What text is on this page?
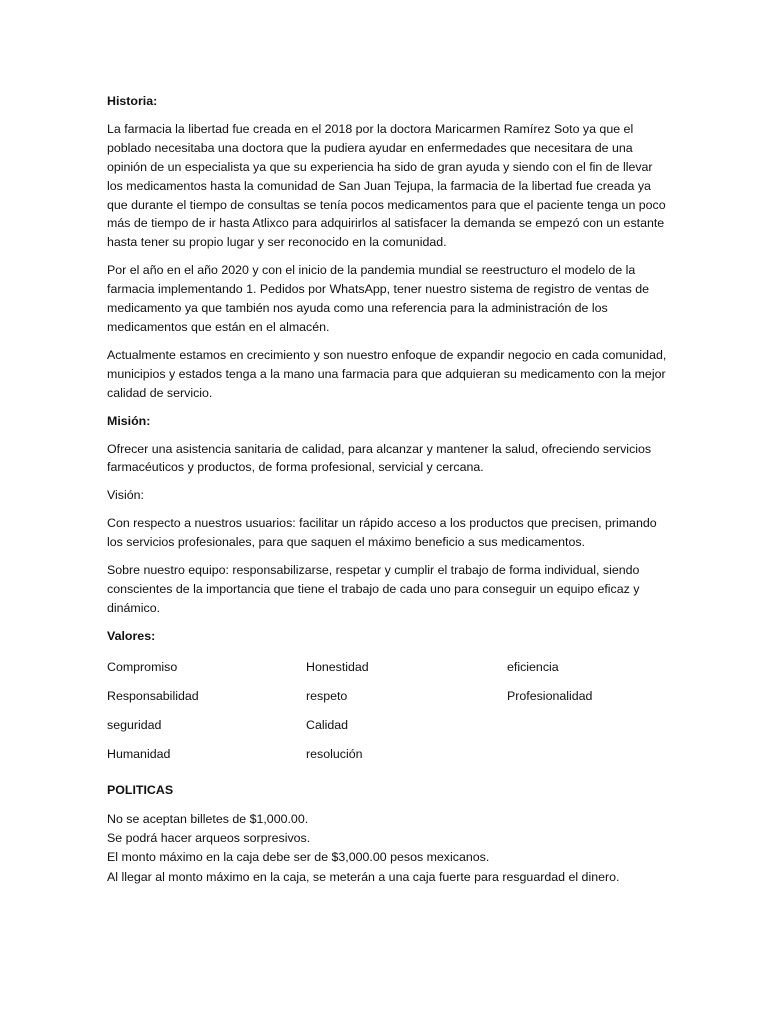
Historia:

La farmacia la libertad fue creada en el 2018 por la doctora Maricarmen Ramírez Soto ya que el poblado necesitaba una doctora que la pudiera ayudar en enfermedades que necesitara de una opinión de un especialista ya que su experiencia ha sido de gran ayuda y siendo con el fin de llevar los medicamentos hasta la comunidad de San Juan Tejupa, la farmacia de la libertad fue creada ya que durante el tiempo de consultas se tenía pocos medicamentos para que el paciente tenga un poco más de tiempo de ir hasta Atlixco para adquirirlos al satisfacer la demanda se empezó con un estante hasta tener su propio lugar y ser reconocido en la comunidad.

Por el año en el año 2020 y con el inicio de la pandemia mundial se reestructuro el modelo de la farmacia implementando 1. Pedidos por WhatsApp, tener nuestro sistema de registro de ventas de medicamento ya que también nos ayuda como una referencia para la administración de los medicamentos que están en el almacén.

Actualmente estamos en crecimiento y son nuestro enfoque de expandir negocio en cada comunidad, municipios y estados tenga a la mano una farmacia para que adquieran su medicamento con la mejor calidad de servicio.

Misión:

Ofrecer una asistencia sanitaria de calidad, para alcanzar y mantener la salud, ofreciendo servicios farmacéuticos y productos, de forma profesional, servicial y cercana.

Visión:

Con respecto a nuestros usuarios: facilitar un rápido acceso a los productos que precisen, primando los servicios profesionales, para que saquen el máximo beneficio a sus medicamentos.

Sobre nuestro equipo: responsabilizarse, respetar y cumplir el trabajo de forma individual, siendo conscientes de la importancia que tiene el trabajo de cada uno para conseguir un equipo eficaz y dinámico.

Valores:
Compromiso	Honestidad	eficiencia
Responsabilidad	respeto	Profesionalidad
seguridad	Calidad
Humanidad	resolución
POLITICAS
No se aceptan billetes de $1,000.00.
Se podrá hacer arqueos sorpresivos.
El monto máximo en la caja debe ser de $3,000.00 pesos mexicanos.
Al llegar al monto máximo en la caja, se meterán a una caja fuerte para resguardad el dinero.
